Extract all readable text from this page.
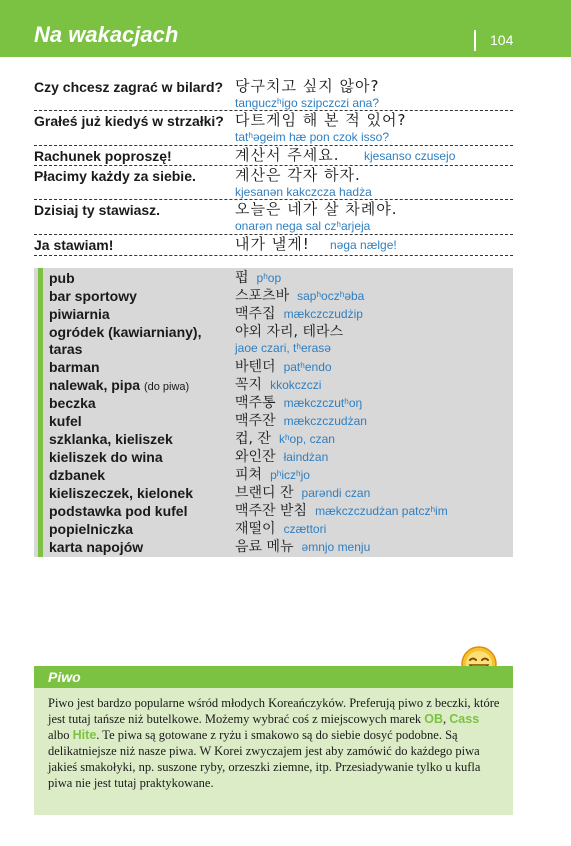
Na wakacjach	104
Czy chcesz zagrać w bilard? 당구치고 싶지 않아?
tanguczʰigo szipczczi ana?
Grałeś już kiedyś w strzałki? 다트게임 해 본 적 있어?
tatʰəgeim hæ pon czok isso?
Rachunek poproszę!	계산서 주세요. kjesanso czusejo
Płacimy każdy za siebie.	계산은 각자 하자.
kjesanən kakczcza hadża
Dzisiaj ty stawiasz.	오늘은 네가 살 차례야.
onarən nega sal czʰarjeja
Ja stawiam!	내가 낼게! nəga nælge!
pub	펍 pʰop
bar sportowy	스포츠바 sapʰoczʰəba
piwiarnia	맥주집 mækczczudżip
ogródek (kawiarniany),
taras
야외 자리, 테라스
jaoe czari, tʰerasə
barman	바텐더 patʰendo
nalewak, pipa (do piwa)	꼭지 kkokczczi
beczka	맥주통 mækczczutʰoŋ
kufel	맥주잔 mækczczudżan
szklanka, kieliszek	컵, 잔 kʰop, czan
kieliszek do wina	와인잔 łaindżan
dzbanek	피쳐 pʰiczʰjo
kieliszeczek, kielonek	브랜디 잔 parəndi czan
podstawka pod kufel	맥주잔 받침 mækczczudżan patczʰim
popielniczka	재떨이 czættori
karta napojów	음료 메뉴 əmnjo menju
Piwo
Piwo jest bardzo popularne wśród młodych Koreańczyków. Preferują piwo z beczki, które jest tutaj tańsze niż butelkowe. Możemy wybrać coś z miejscowych marek OB, Cass albo Hite. Te piwa są gotowane z ryżu i smakowo są do siebie dosyć podobne. Są delikatniejsze niż nasze piwa. W Korei zwyczajem jest aby zamówić do każdego piwa jakieś smakołyki, np. suszone ryby, orzeszki ziemne, itp. Przesiadywanie tylko u kufla piwa nie jest tutaj praktykowane.
